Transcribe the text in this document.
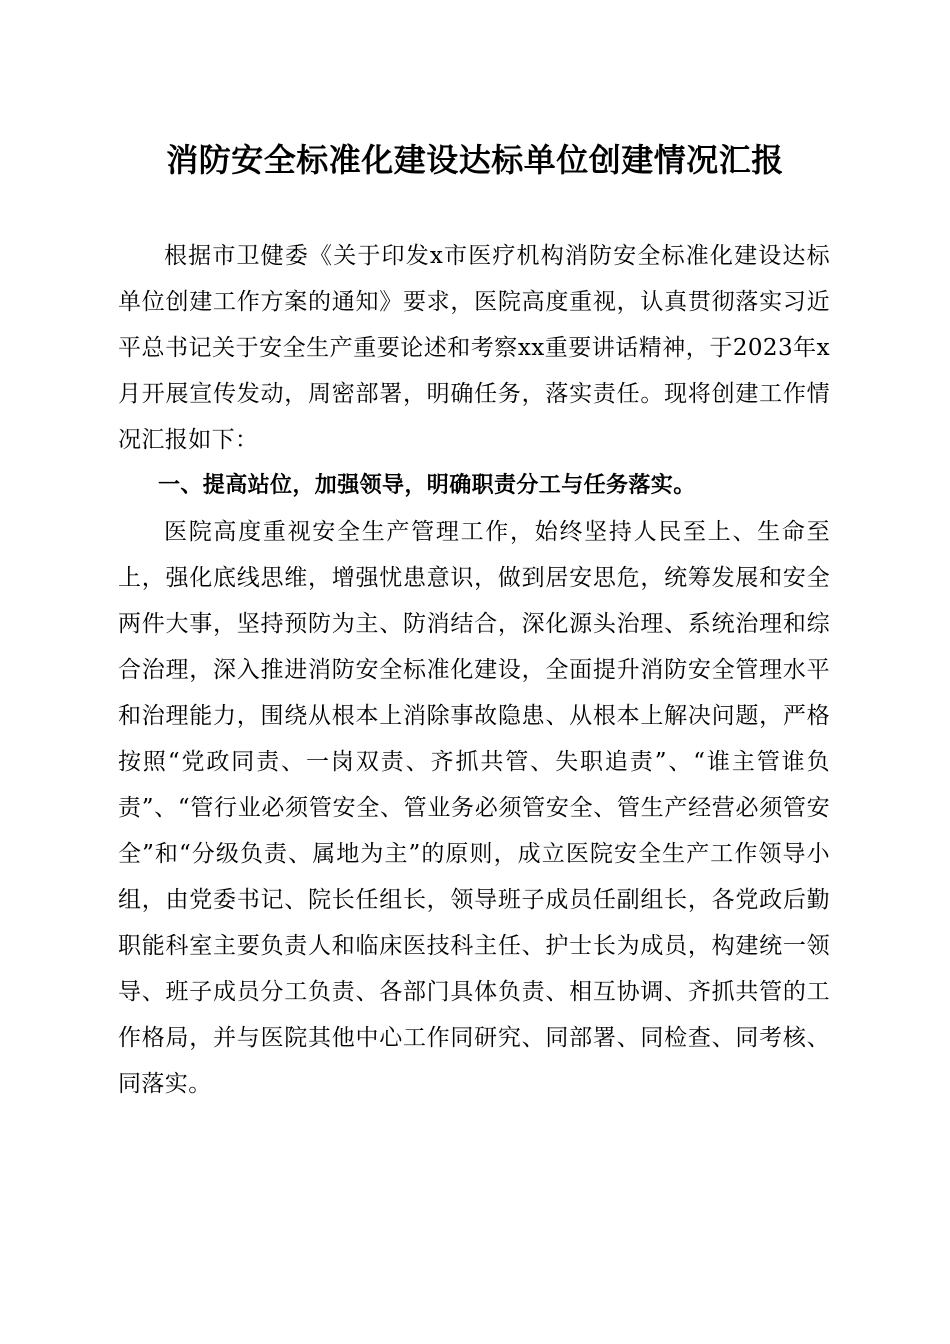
消防安全标准化建设达标单位创建情况汇报

根据市卫健委《关于印发x市医疗机构消防安全标准化建设达标单位创建工作方案的通知》要求，医院高度重视，认真贯彻落实习近平总书记关于安全生产重要论述和考察xx重要讲话精神，于2023年x月开展宣传发动，周密部署，明确任务，落实责任。现将创建工作情况汇报如下：

一、提高站位，加强领导，明确职责分工与任务落实。

医院高度重视安全生产管理工作，始终坚持人民至上、生命至上，强化底线思维，增强忧患意识，做到居安思危，统筹发展和安全两件大事，坚持预防为主、防消结合，深化源头治理、系统治理和综合治理，深入推进消防安全标准化建设，全面提升消防安全管理水平和治理能力，围绕从根本上消除事故隐患、从根本上解决问题，严格按照“党政同责、一岗双责、齐抓共管、失职追责”、“谁主管谁负责”、“管行业必须管安全、管业务必须管安全、管生产经营必须管安全”和“分级负责、属地为主”的原则，成立医院安全生产工作领导小组，由党委书记、院长任组长，领导班子成员任副组长，各党政后勤职能科室主要负责人和临床医技科主任、护士长为成员，构建统一领导、班子成员分工负责、各部门具体负责、相互协调、齐抓共管的工作格局，并与医院其他中心工作同研究、同部署、同检查、同考核、同落实。
